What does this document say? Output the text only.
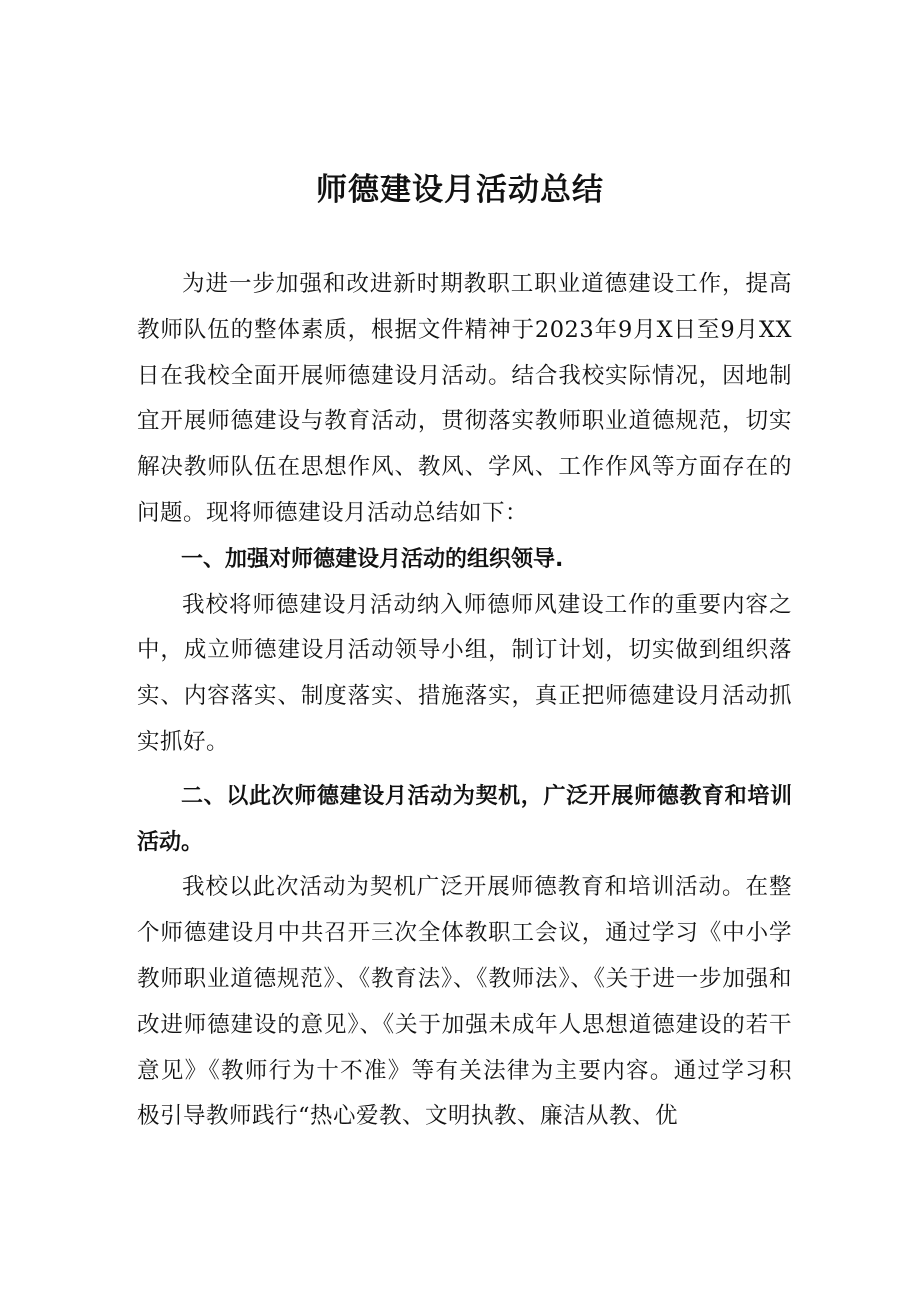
师德建设月活动总结

为进一步加强和改进新时期教职工职业道德建设工作，提高教师队伍的整体素质，根据文件精神于2023年9月X日至9月XX日在我校全面开展师德建设月活动。结合我校实际情况，因地制宜开展师德建设与教育活动，贯彻落实教师职业道德规范，切实解决教师队伍在思想作风、教风、学风、工作作风等方面存在的问题。现将师德建设月活动总结如下：

一、加强对师德建设月活动的组织领导.

我校将师德建设月活动纳入师德师风建设工作的重要内容之中，成立师德建设月活动领导小组，制订计划，切实做到组织落实、内容落实、制度落实、措施落实，真正把师德建设月活动抓实抓好。

二、以此次师德建设月活动为契机，广泛开展师德教育和培训活动。

我校以此次活动为契机广泛开展师德教育和培训活动。在整个师德建设月中共召开三次全体教职工会议，通过学习《中小学教师职业道德规范》、《教育法》、《教师法》、《关于进一步加强和改进师德建设的意见》、《关于加强未成年人思想道德建设的若干意见》《教师行为十不准》等有关法律为主要内容。通过学习积极引导教师践行“热心爱教、文明执教、廉洁从教、优
